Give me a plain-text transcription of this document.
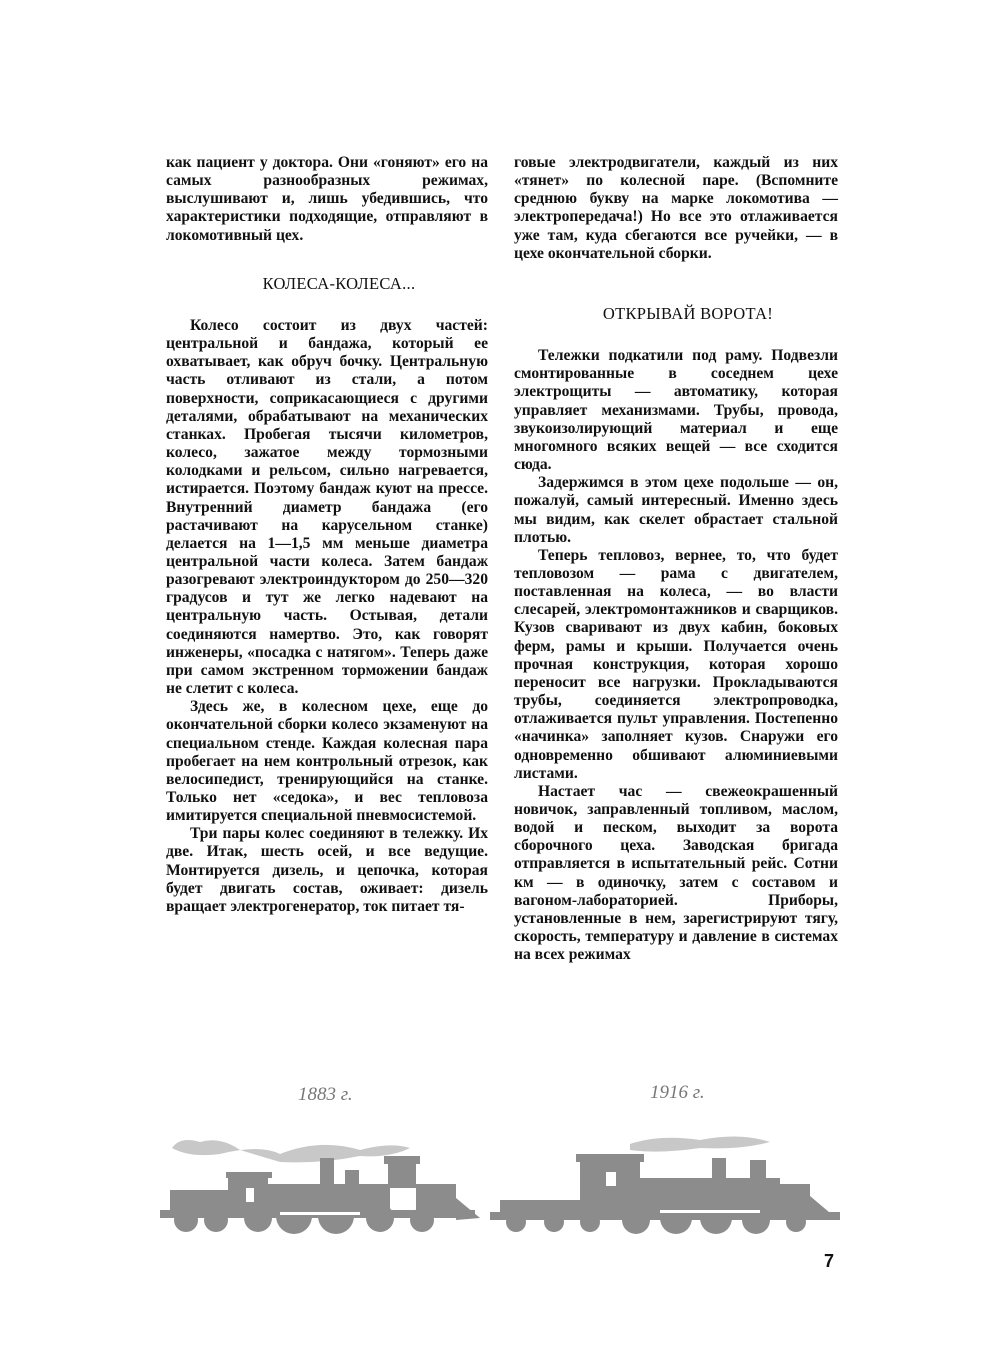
как пациент у доктора. Они «гоняют» его на самых разнообразных режимах, выслушивают и, лишь убедившись, что характеристики подходящие, отправляют в локомотивный цех.

КОЛЕСА-КОЛЕСА...

Колесо состоит из двух частей: центральной и бандажа, который ее охватывает, как обруч бочку. Центральную часть отливают из стали, а потом поверхности, соприкасающиеся с другими деталями, обрабатывают на механических станках. Пробегая тысячи километров, колесо, зажатое между тормозными колодками и рельсом, сильно нагревается, истирается. Поэтому бандаж куют на прессе. Внутренний диаметр бандажа (его растачивают на карусельном станке) делается на 1—1,5 мм меньше диаметра центральной части колеса. Затем бандаж разогревают электроиндуктором до 250—320 градусов и тут же легко надевают на центральную часть. Остывая, детали соединяются намертво. Это, как говорят инженеры, «посадка с натягом». Теперь даже при самом экстренном торможении бандаж не слетит с колеса.

Здесь же, в колесном цехе, еще до окончательной сборки колесо экзаменуют на специальном стенде. Каждая колесная пара пробегает на нем контрольный отрезок, как велосипедист, тренирующийся на станке. Только нет «седока», и вес тепловоза имитируется специальной пневмосистемой.

Три пары колес соединяют в тележку. Их две. Итак, шесть осей, и все ведущие. Монтируется дизель, и цепочка, которая будет двигать состав, оживает: дизель вращает электрогенератор, ток питает тя-

говые электродвигатели, каждый из них «тянет» по колесной паре. (Вспомните среднюю букву на марке локомотива — электропередача!) Но все это отлаживается уже там, куда сбегаются все ручейки, — в цехе окончательной сборки.

ОТКРЫВАЙ ВОРОТА!

Тележки подкатили под раму. Подвезли смонтированные в соседнем цехе электрощиты — автоматику, которая управляет механизмами. Трубы, провода, звукоизолирующий материал и еще многомного всяких вещей — все сходится сюда.

Задержимся в этом цехе подольше — он, пожалуй, самый интересный. Именно здесь мы видим, как скелет обрастает стальной плотью.

Теперь тепловоз, вернее, то, что будет тепловозом — рама с двигателем, поставленная на колеса, — во власти слесарей, электромонтажников и сварщиков. Кузов сваривают из двух кабин, боковых ферм, рамы и крыши. Получается очень прочная конструкция, которая хорошо переносит все нагрузки. Прокладываются трубы, соединяется электропроводка, отлаживается пульт управления. Постепенно «начинка» заполняет кузов. Снаружи его одновременно обшивают алюминиевыми листами.

Настает час — свежеокрашенный новичок, заправленный топливом, маслом, водой и песком, выходит за ворота сборочного цеха. Заводская бригада отправляется в испытательный рейс. Сотни км — в одиночку, затем с составом и вагоном-лабораторией. Приборы, установленные в нем, зарегистрируют тягу, скорость, температуру и давление в системах на всех режимах

1883 г.	1916 г.
7
